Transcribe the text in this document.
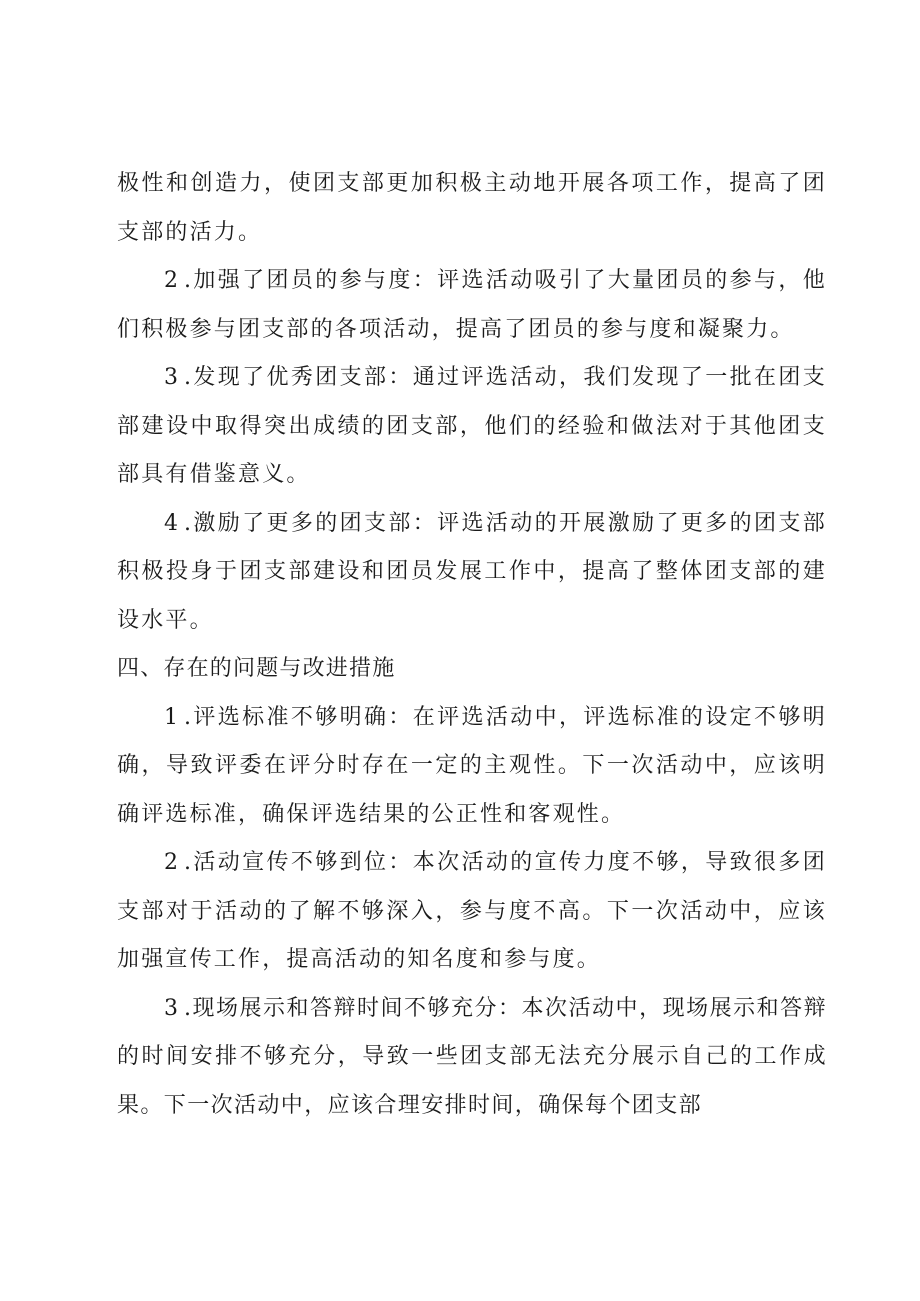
极性和创造力，使团支部更加积极主动地开展各项工作，提高了团支部的活力。

2 .加强了团员的参与度：评选活动吸引了大量团员的参与，他们积极参与团支部的各项活动，提高了团员的参与度和凝聚力。

3 .发现了优秀团支部：通过评选活动，我们发现了一批在团支部建设中取得突出成绩的团支部，他们的经验和做法对于其他团支部具有借鉴意义。

4 .激励了更多的团支部：评选活动的开展激励了更多的团支部积极投身于团支部建设和团员发展工作中，提高了整体团支部的建设水平。

四、存在的问题与改进措施

1 .评选标准不够明确：在评选活动中，评选标准的设定不够明确，导致评委在评分时存在一定的主观性。下一次活动中，应该明确评选标准，确保评选结果的公正性和客观性。

2 .活动宣传不够到位：本次活动的宣传力度不够，导致很多团支部对于活动的了解不够深入，参与度不高。下一次活动中，应该加强宣传工作，提高活动的知名度和参与度。

3 .现场展示和答辩时间不够充分：本次活动中，现场展示和答辩的时间安排不够充分，导致一些团支部无法充分展示自己的工作成果。下一次活动中，应该合理安排时间，确保每个团支部
